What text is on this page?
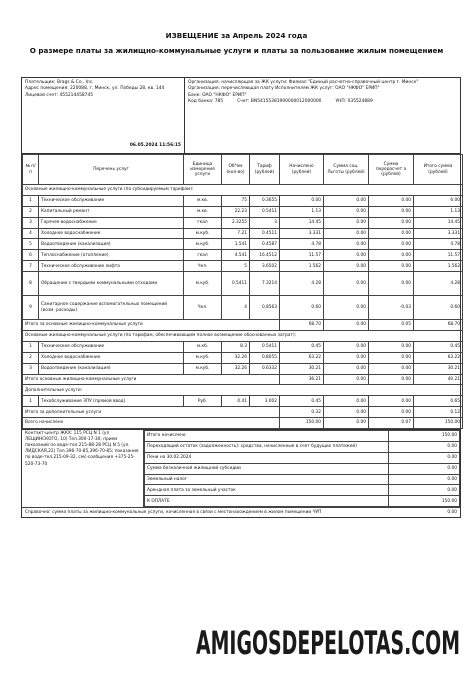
ИЗВЕЩЕНИЕ за Апрель 2024 года
О размере платы за жилищно-коммунальные услуги и платы за пользование жилым помещением
Плательщик: Brags & Co., Inc.
Адрес помещения: 220088, г. Минск, ул. Победы 28, кв. 144
Лицевой счет: 455214458745
06.05.2024 11:56:15
Организация, начисляющая за ЖК услуги: Филиал "Единый расчетно-справочный центр г. Минск"
Организация, перечисляющая плату Исполнителям ЖК услуг: ОАО "НКФО" ЕРИП"
Банк: ОАО "НКФО" ЕРИП"
Код банка: 785	Счет: BN54155381900000012000000	УНП: 035524889
№ п/п	Перечень услуг	Единица измерения услуги	Об*ем (кол-во)	Тариф (рублей)	Начислено (рублей)	Сумма соц. Льготы (рублей)	Сумма перерасчет а (рублей)	Итого сумма (рублей)
Основные жилищно-коммунальные услуги (по субсидируемым тарифам):								
1	Техническое обслуживание	м.кв.	75	0.3655	0.00	0.00	0.00	6.00
2	Капитальный ремонт	м.кв.	22.23	0.5411	1.13	0.00	0.00	1.13
3	Горячее водоснабжение	гкал	2.3255	3	14.45	0.00	0.00	14.45
4	Холодное водоснабжение	м.куб.	7.21	0.4511	3.331	0.00	0.00	3.331
5	Водоотведение (канализация)	м.куб.	1.541	0.4587	4.78	0.00	0.00	4.78
6	Теплоснабжение (отопление)	гкал	4.541	16.4512	11.57	0.00	0.00	11.57
7	Техническое обслуживание лифта	Чел.	5	3.6502	1.562	0.00	0.00	1.562
8	Обращение с твердыми коммунальными отходами	м.куб.	0.5411	7.3214	4.28	0.00	0.00	4.28
9	Санитарное содержание вспомогательных помещений (возм. расходы)	Чел.	4	0.8563	0.60	0.00	-0.03	0.60
Итого за основные жилищно-коммунальные услуги					68.70	0.00	0.05	68.70
Основные жилищно-коммунальные услуги (по тарифам, обеспечивающим полное возмещение обоснованных затрат):								
1	Техническое обслуживание	м.кб.	8.3	0.5411	0.45	0.00	0.00	0.45
2	Холодное водоснабжение	м.куб.	32.26	0.8055	63.22	0.00	0.00	63.22
3	Водоотведение (канализация)	м.куб.	32.26	0.6332	30.21	0.00	0.00	30.21
Итого основные жилищно-коммунальные услуги					36.21	0.00	0.00	40.21
Дополнительные услуги:								
1	Техобслуживание ЗПУ (прямой ввод)	Руб.	0.41	3.002	0.45	0.00	0.00	0.65
Итого за дополнительные услуги					0.32	0.00	0.00	0.12
Всего начислено					150.00	0.00	0.07	150.00
Контакт-центр ЖКХ: 115 РСЦ N 1 (ул ЛЕЩИНСКОГО, 10) Тел.300-17-30; прием показаний по воде-тел.215-88-28 РСЦ N 5 (ул. ЛИДСКАЯ,22) Тел.396-70-85,396-70-85; показания по воде-тел.215-09-32, смс-сообщения +375-25-520-73-70
Итого начислено	150.00
Переходящий остаток (задолженность): средства, начисленные в счет будущих платежей)	0.00
Пени на 30.02.2024	0.00
Сумма безналичной жилищной субсидии	0.00
Земельный налог	0.00
Арендная плата за земельный участок	0.00
К ОПЛАТЕ	150.00
Справочно: сумма платы за жилищно-коммунальные услуги, начисленная в связи с местонахождением в жилом помещении ЧУП	0.00
AMIGOSDEPELOTAS.COM
